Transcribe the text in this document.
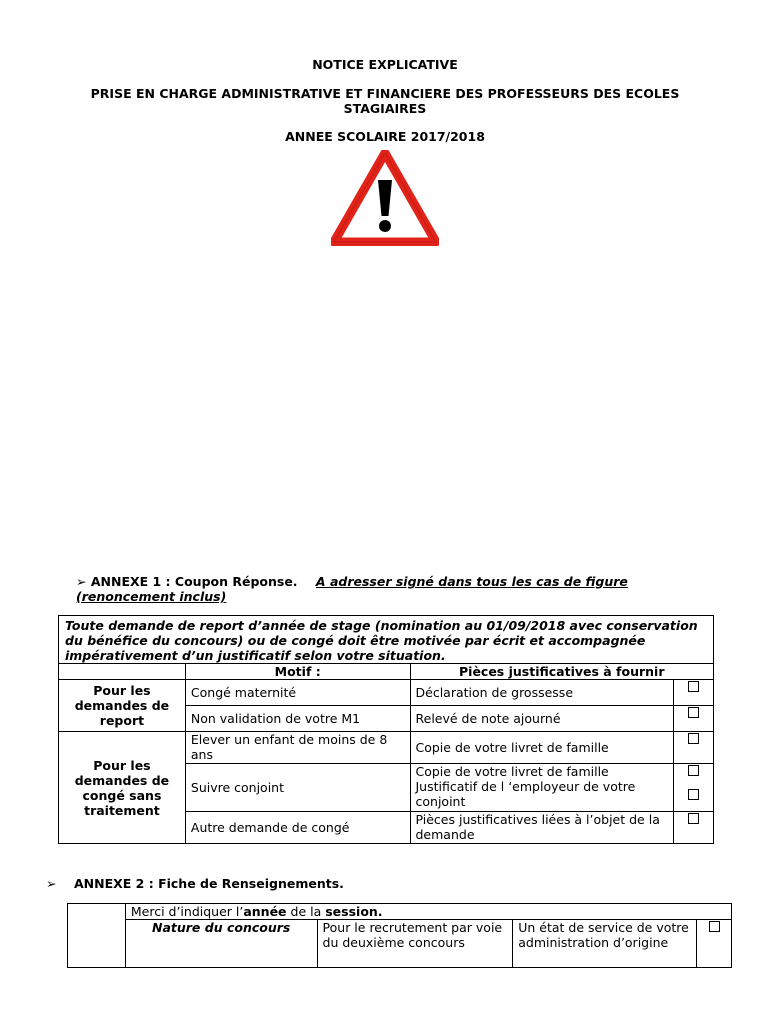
NOTICE EXPLICATIVE
PRISE EN CHARGE ADMINISTRATIVE ET FINANCIERE DES PROFESSEURS DES ECOLES STAGIAIRES
ANNEE SCOLAIRE 2017/2018
➢ ANNEXE 1 : Coupon Réponse. A adresser signé dans tous les cas de figure (renoncement inclus)
Toute demande de report d’année de stage (nomination au 01/09/2018 avec conservation du bénéfice du concours) ou de congé doit être motivée par écrit et accompagnée impérativement d’un justificatif selon votre situation.			
	Motif :	Pièces justificatives à fournir	
Pour les demandes de report	Congé maternité	Déclaration de grossesse	
	Non validation de votre M1	Relevé de note ajourné	
Pour les demandes de congé sans traitement	Elever un enfant de moins de 8 ans	Copie de votre livret de famille	
	Suivre conjoint	Copie de votre livret de famille Justificatif de l ‘employeur de votre conjoint	

	Autre demande de congé	Pièces justificatives liées à l’objet de la demande	
➢ ANNEXE 2 : Fiche de Renseignements.
	Merci d’indiquer l’année de la session.			
	Nature du concours	Pour le recrutement par voie du deuxième concours	Un état de service de votre administration d’origine	
